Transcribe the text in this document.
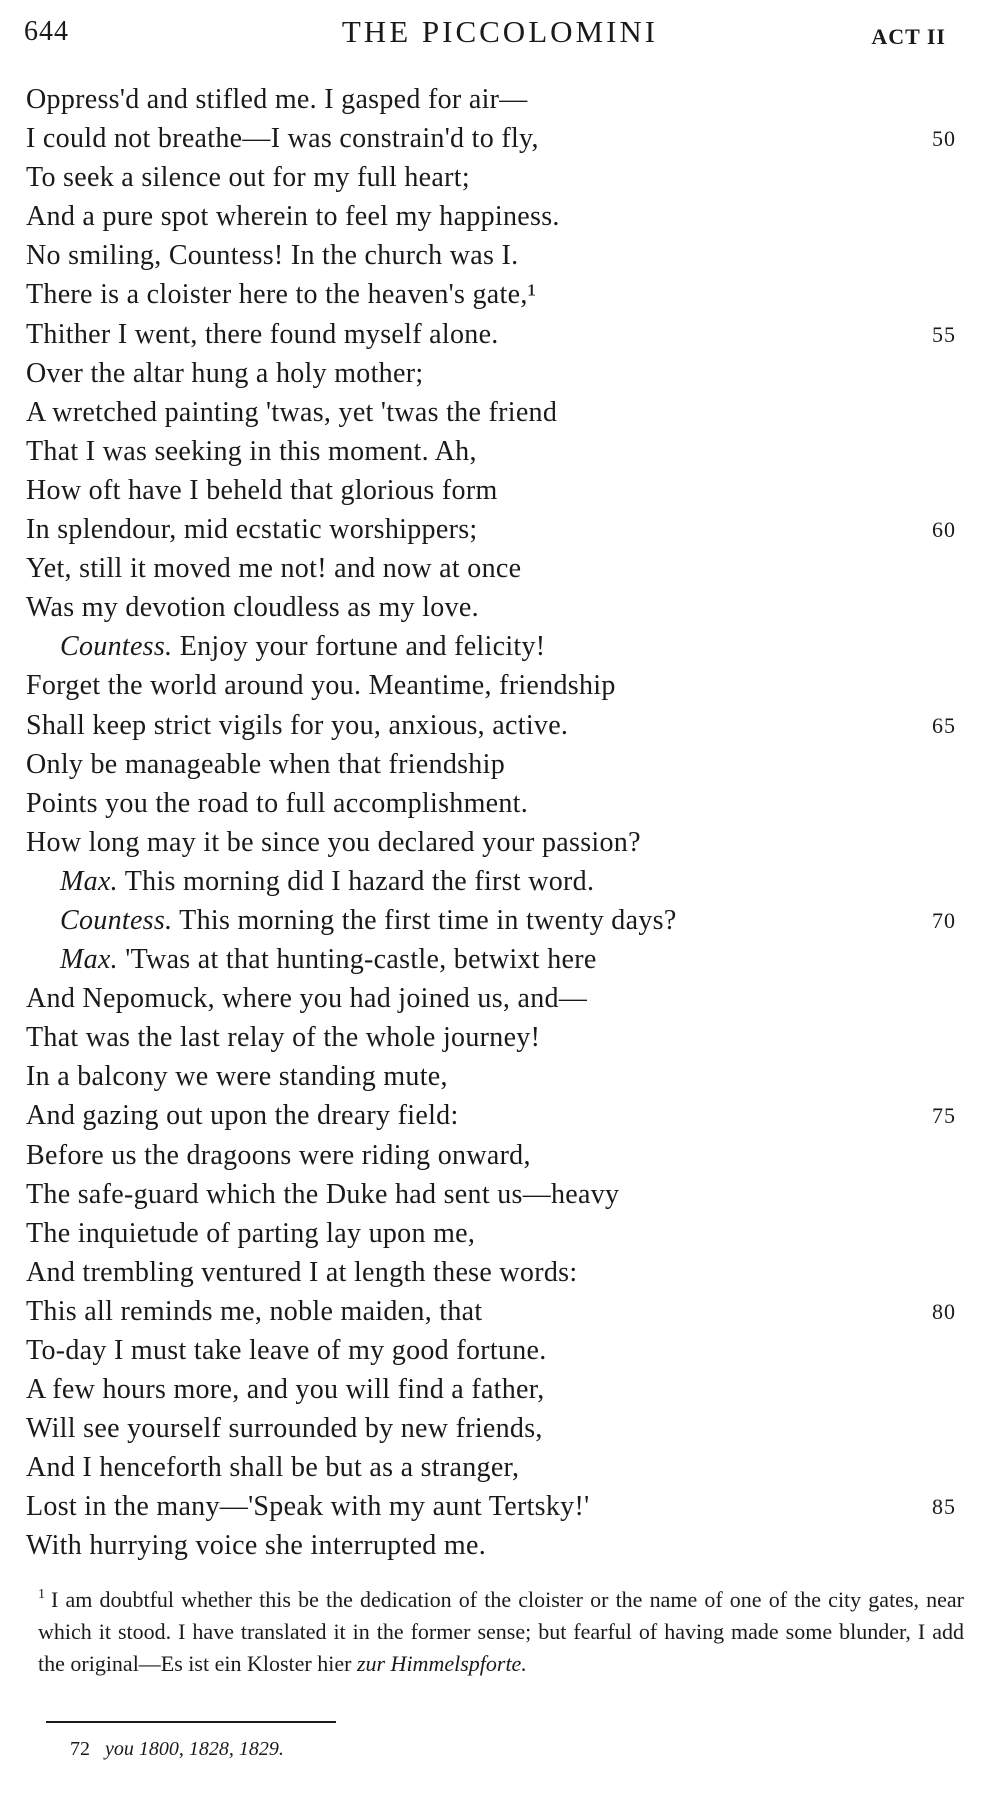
644	THE PICCOLOMINI	ACT II
Oppress'd and stifled me. I gasped for air—
I could not breathe—I was constrain'd to fly,	50
To seek a silence out for my full heart;
And a pure spot wherein to feel my happiness.
No smiling, Countess! In the church was I.
There is a cloister here to the heaven's gate,¹
Thither I went, there found myself alone.	55
Over the altar hung a holy mother;
A wretched painting 'twas, yet 'twas the friend
That I was seeking in this moment. Ah,
How oft have I beheld that glorious form
In splendour, mid ecstatic worshippers;	60
Yet, still it moved me not! and now at once
Was my devotion cloudless as my love.
Countess. Enjoy your fortune and felicity!
Forget the world around you. Meantime, friendship
Shall keep strict vigils for you, anxious, active.	65
Only be manageable when that friendship
Points you the road to full accomplishment.
How long may it be since you declared your passion?
Max. This morning did I hazard the first word.
Countess. This morning the first time in twenty days?	70
Max. 'Twas at that hunting-castle, betwixt here
And Nepomuck, where you had joined us, and—
That was the last relay of the whole journey!
In a balcony we were standing mute,
And gazing out upon the dreary field:	75
Before us the dragoons were riding onward,
The safe-guard which the Duke had sent us—heavy
The inquietude of parting lay upon me,
And trembling ventured I at length these words:
This all reminds me, noble maiden, that	80
To-day I must take leave of my good fortune.
A few hours more, and you will find a father,
Will see yourself surrounded by new friends,
And I henceforth shall be but as a stranger,
Lost in the many—'Speak with my aunt Tertsky!'	85
With hurrying voice she interrupted me.
$^1$ I am doubtful whether this be the dedication of the cloister or the name of one of the city gates, near which it stood. I have translated it in the former sense; but fearful of having made some blunder, I add the original—Es ist ein Kloster hier zur Himmelspforte.
72 you 1800, 1828, 1829.
